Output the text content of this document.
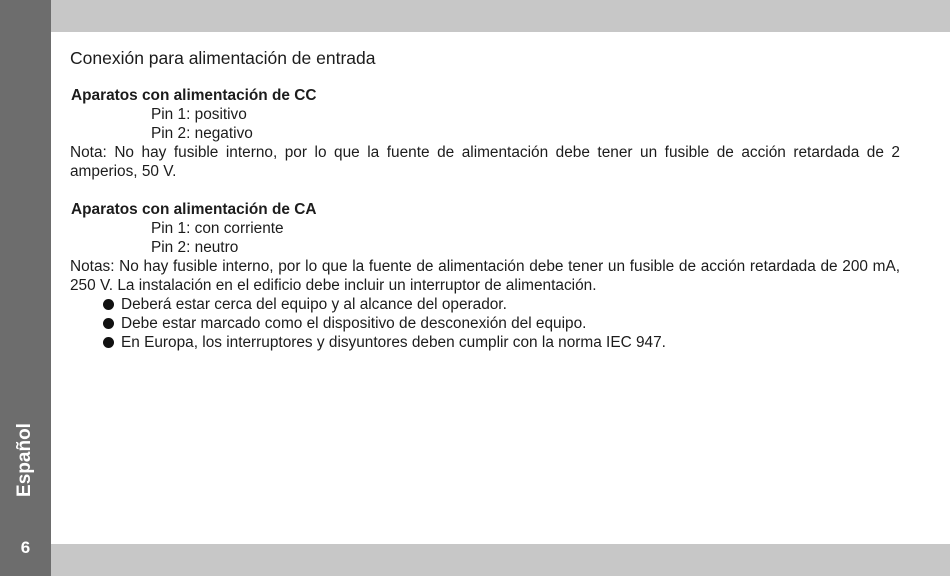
Español
6
Conexión para alimentación de entrada
Aparatos con alimentación de CC
Pin 1: positivo
Pin 2: negativo
Nota: No hay fusible interno, por lo que la fuente de alimentación debe tener un fusible de acción retardada de 2 amperios, 50 V.
Aparatos con alimentación de CA
Pin 1: con corriente
Pin 2: neutro
Notas: No hay fusible interno, por lo que la fuente de alimentación debe tener un fusible de acción retardada de 200 mA, 250 V. La instalación en el edificio debe incluir un interruptor de alimentación.
Deberá estar cerca del equipo y al alcance del operador.
Debe estar marcado como el dispositivo de desconexión del equipo.
En Europa, los interruptores y disyuntores deben cumplir con la norma IEC 947.
